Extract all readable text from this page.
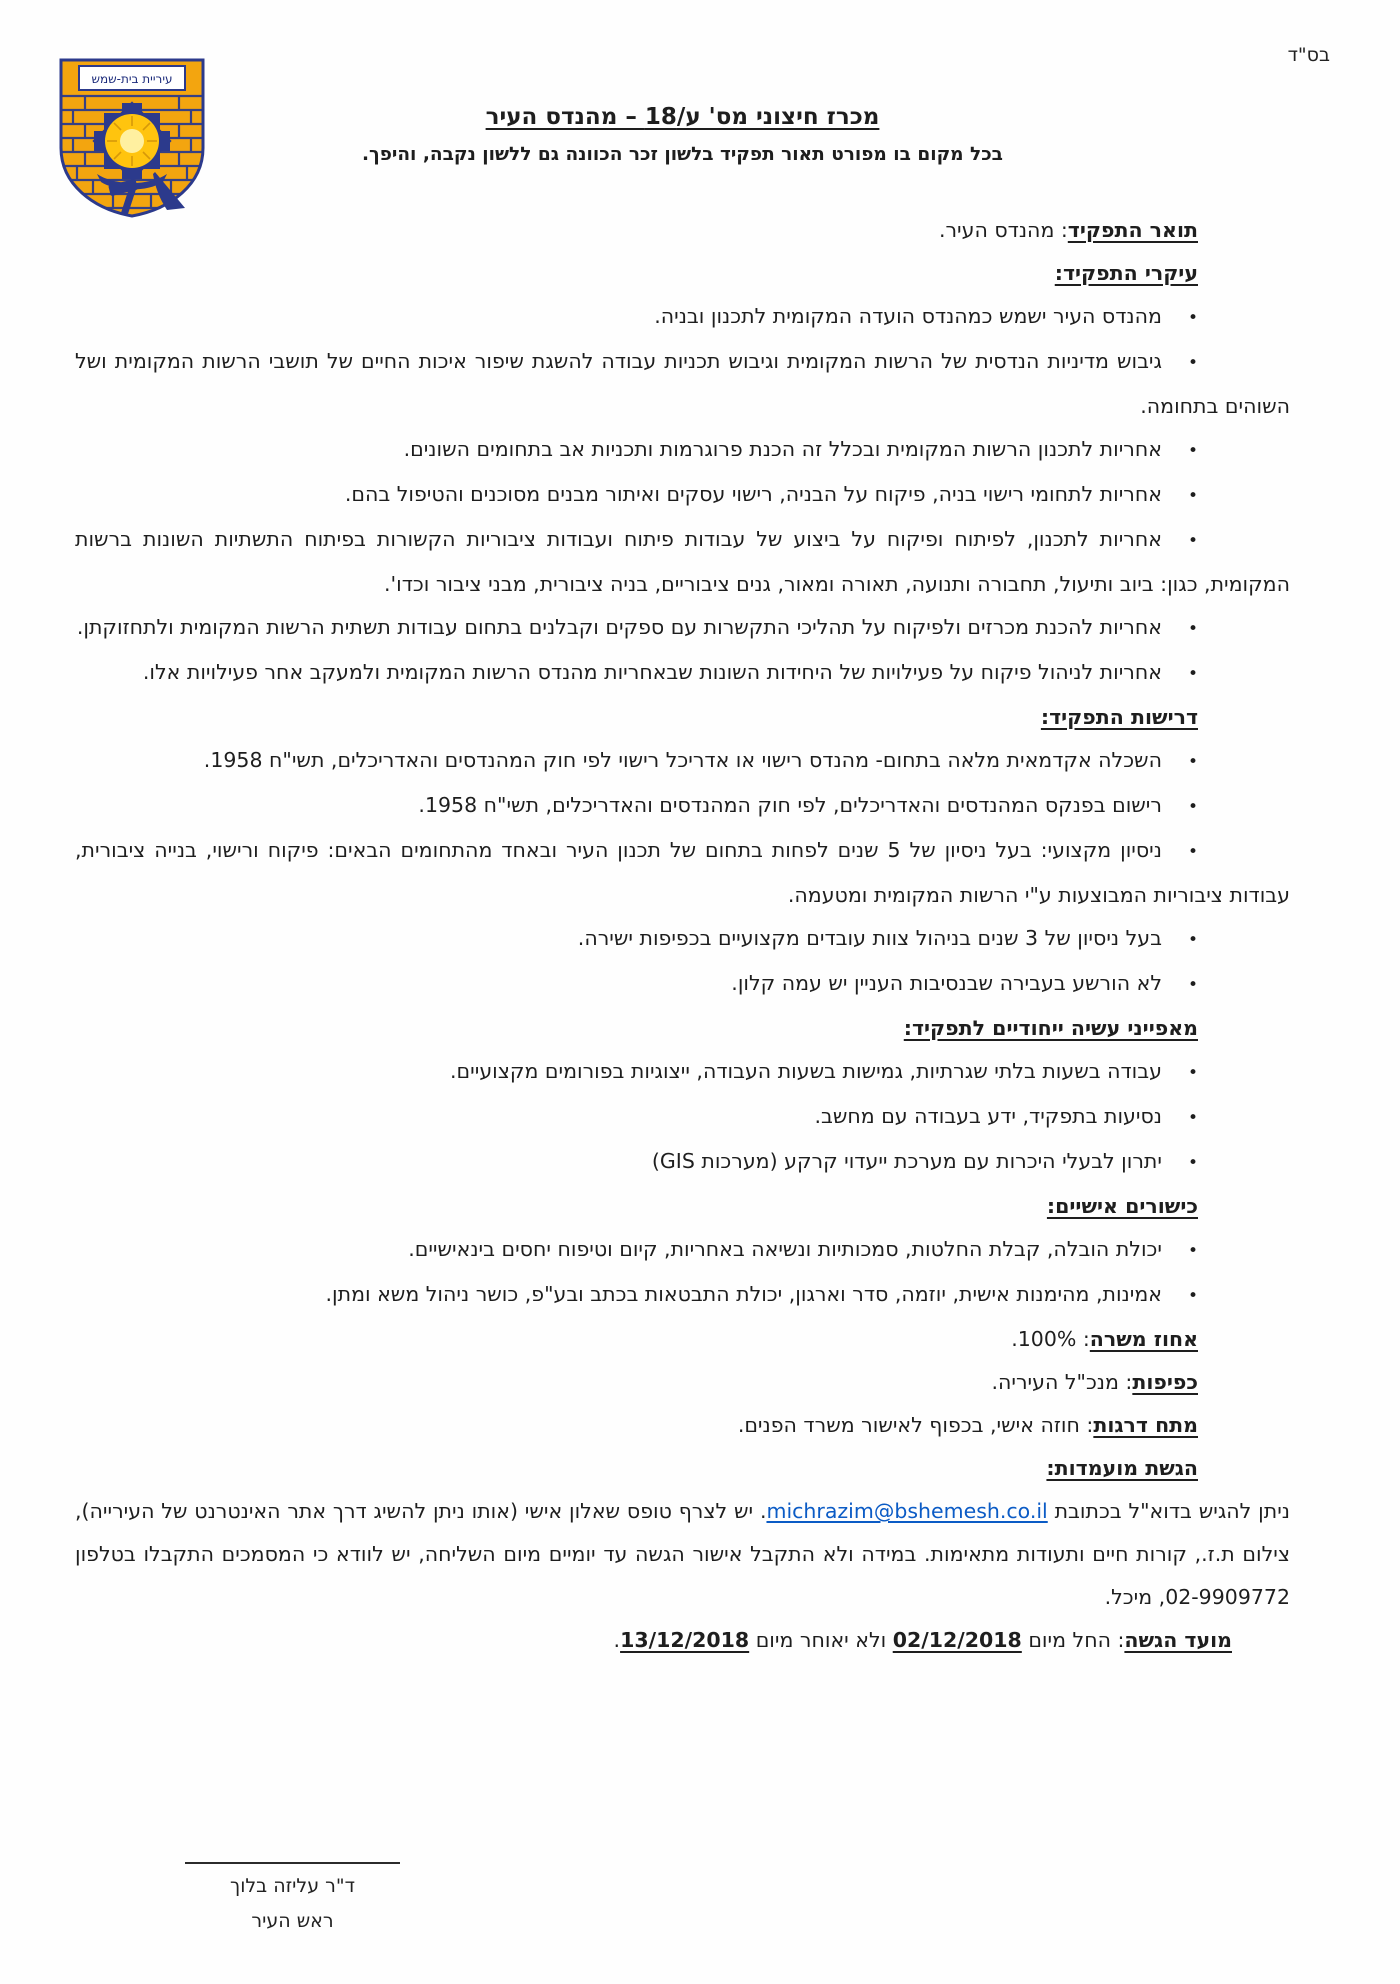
בס"ד
עיריית בית-שמש
מכרז חיצוני מס' ע/18 – מהנדס העיר
בכל מקום בו מפורט תאור תפקיד בלשון זכר הכוונה גם ללשון נקבה, והיפך.
תואר התפקיד: מהנדס העיר.
עיקרי התפקיד:
•מהנדס העיר ישמש כמהנדס הועדה המקומית לתכנון ובניה.
•גיבוש מדיניות הנדסית של הרשות המקומית וגיבוש תכניות עבודה להשגת שיפור איכות החיים של תושבי הרשות המקומית ושל השוהים בתחומה.
•אחריות לתכנון הרשות המקומית ובכלל זה הכנת פרוגרמות ותכניות אב בתחומים השונים.
•אחריות לתחומי רישוי בניה, פיקוח על הבניה, רישוי עסקים ואיתור מבנים מסוכנים והטיפול בהם.
•אחריות לתכנון, לפיתוח ופיקוח על ביצוע של עבודות פיתוח ועבודות ציבוריות הקשורות בפיתוח התשתיות השונות ברשות המקומית, כגון: ביוב ותיעול, תחבורה ותנועה, תאורה ומאור, גנים ציבוריים, בניה ציבורית, מבני ציבור וכדו'.
•אחריות להכנת מכרזים ולפיקוח על תהליכי התקשרות עם ספקים וקבלנים בתחום עבודות תשתית הרשות המקומית ולתחזוקתן.
•אחריות לניהול פיקוח על פעילויות של היחידות השונות שבאחריות מהנדס הרשות המקומית ולמעקב אחר פעילויות אלו.
דרישות התפקיד:
•השכלה אקדמאית מלאה בתחום- מהנדס רישוי או אדריכל רישוי לפי חוק המהנדסים והאדריכלים, תשי"ח 1958.
•רישום בפנקס המהנדסים והאדריכלים, לפי חוק המהנדסים והאדריכלים, תשי"ח 1958.
•ניסיון מקצועי: בעל ניסיון של 5 שנים לפחות בתחום של תכנון העיר ובאחד מהתחומים הבאים: פיקוח ורישוי, בנייה ציבורית, עבודות ציבוריות המבוצעות ע"י הרשות המקומית ומטעמה.
•בעל ניסיון של 3 שנים בניהול צוות עובדים מקצועיים בכפיפות ישירה.
•לא הורשע בעבירה שבנסיבות העניין יש עמה קלון.
מאפייני עשיה ייחודיים לתפקיד:
•עבודה בשעות בלתי שגרתיות, גמישות בשעות העבודה, ייצוגיות בפורומים מקצועיים.
•נסיעות בתפקיד, ידע בעבודה עם מחשב.
•יתרון לבעלי היכרות עם מערכת ייעדוי קרקע (מערכות GIS)
כישורים אישיים:
•יכולת הובלה, קבלת החלטות, סמכותיות ונשיאה באחריות, קיום וטיפוח יחסים בינאישיים.
•אמינות, מהימנות אישית, יוזמה, סדר וארגון, יכולת התבטאות בכתב ובע"פ, כושר ניהול משא ומתן.
אחוז משרה: 100%.
כפיפות: מנכ"ל העיריה.
מתח דרגות: חוזה אישי, בכפוף לאישור משרד הפנים.
הגשת מועמדות:
ניתן להגיש בדוא"ל בכתובת michrazim@bshemesh.co.il. יש לצרף טופס שאלון אישי (אותו ניתן להשיג דרך אתר האינטרנט של העירייה), צילום ת.ז., קורות חיים ותעודות מתאימות. במידה ולא התקבל אישור הגשה עד יומיים מיום השליחה, יש לוודא כי המסמכים התקבלו בטלפון 02-9909772, מיכל.
מועד הגשה: החל מיום 02/12/2018 ולא יאוחר מיום 13/12/2018.
ד"ר עליזה בלוך
ראש העיר
